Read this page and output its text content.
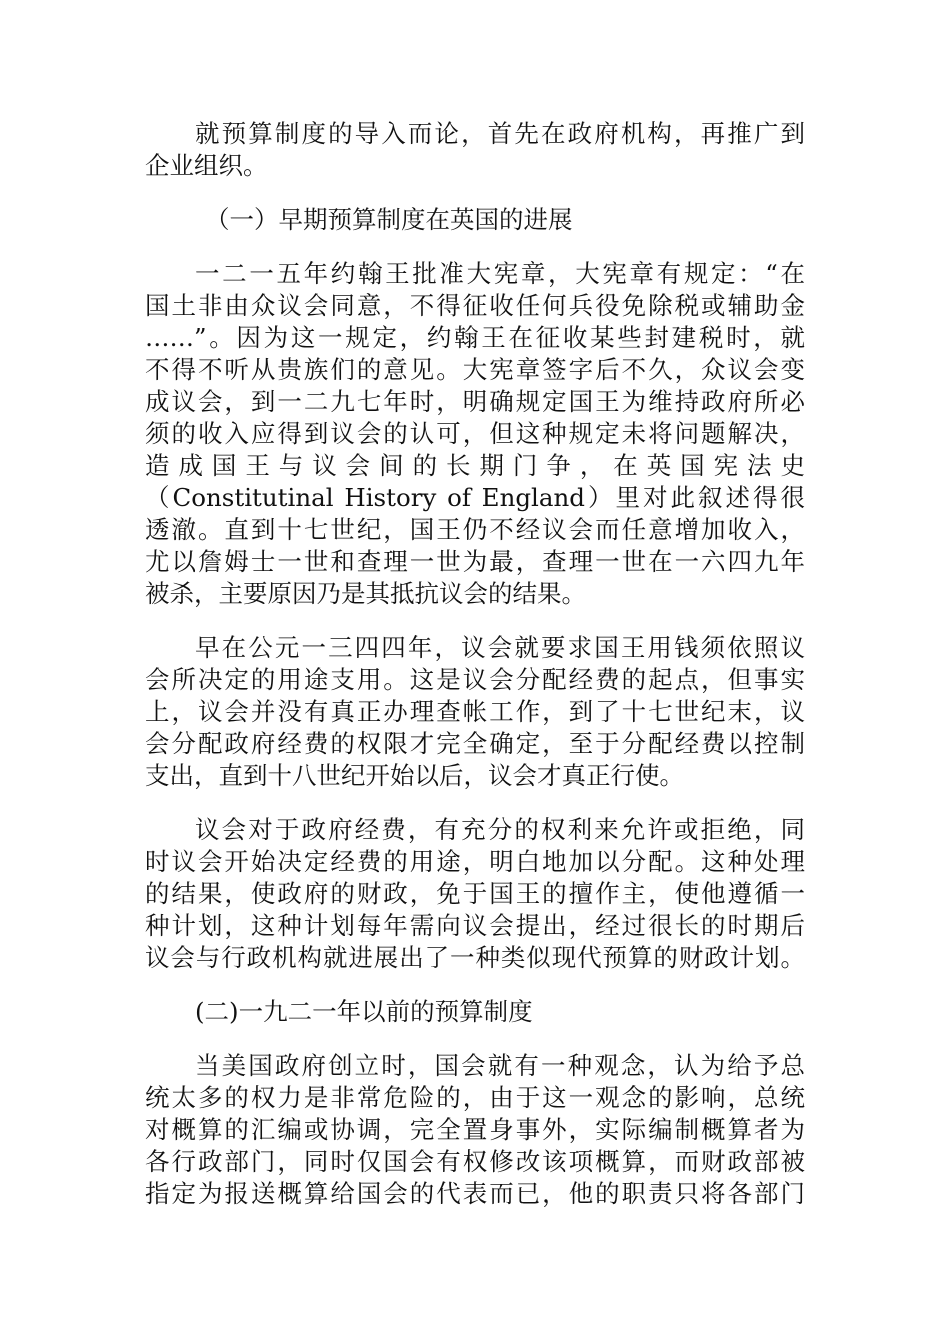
就预算制度的导入而论，首先在政府机构，再推广到
企业组织。
（一）早期预算制度在英国的进展
一二一五年约翰王批准大宪章，大宪章有规定：“在
国土非由众议会同意，不得征收任何兵役免除税或辅助金
……”。因为这一规定，约翰王在征收某些封建税时，就
不得不听从贵族们的意见。大宪章签字后不久，众议会变
成议会，到一二九七年时，明确规定国王为维持政府所必
须的收入应得到议会的认可，但这种规定未将问题解决，
造成国王与议会间的长期门争，在英国宪法史
（Constitutinal History of England）里对此叙述得很
透澈。直到十七世纪，国王仍不经议会而任意增加收入，
尤以詹姆士一世和查理一世为最，查理一世在一六四九年
被杀，主要原因乃是其抵抗议会的结果。
早在公元一三四四年，议会就要求国王用钱须依照议
会所决定的用途支用。这是议会分配经费的起点，但事实
上，议会并没有真正办理查帐工作，到了十七世纪末，议
会分配政府经费的权限才完全确定，至于分配经费以控制
支出，直到十八世纪开始以后，议会才真正行使。
议会对于政府经费，有充分的权利来允许或拒绝，同
时议会开始决定经费的用途，明白地加以分配。这种处理
的结果，使政府的财政，免于国王的擅作主，使他遵循一
种计划，这种计划每年需向议会提出，经过很长的时期后
议会与行政机构就进展出了一种类似现代预算的财政计划。
(二)一九二一年以前的预算制度
当美国政府创立时，国会就有一种观念，认为给予总
统太多的权力是非常危险的，由于这一观念的影响，总统
对概算的汇编或协调，完全置身事外，实际编制概算者为
各行政部门，同时仅国会有权修改该项概算，而财政部被
指定为报送概算给国会的代表而已，他的职责只将各部门
